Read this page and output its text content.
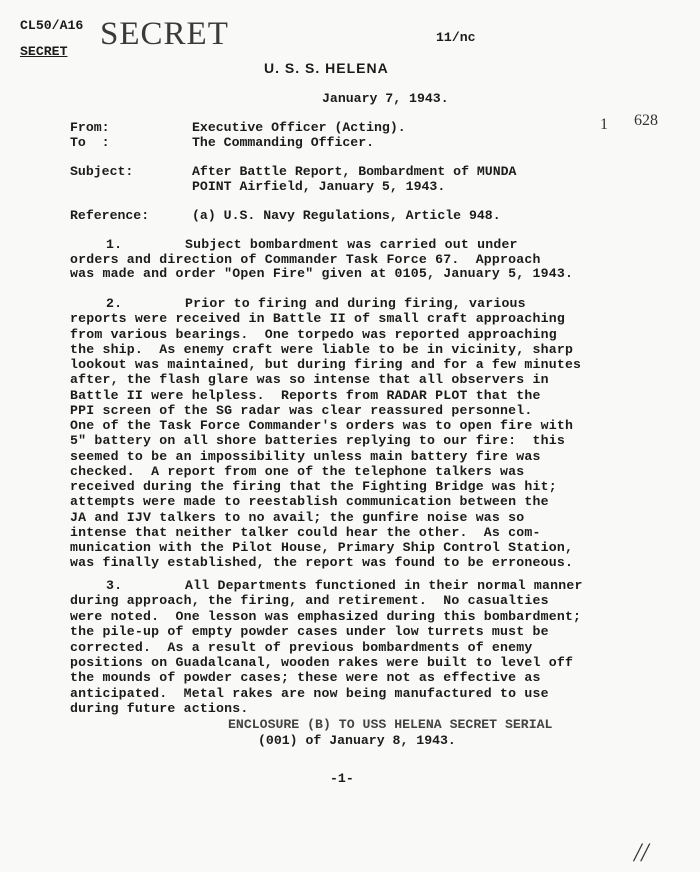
CL50/A16
SECRET SECRET	11/nc
U. S. S. HELENA
January 7, 1943.
1 628
From:	Executive Officer (Acting).
To  :	The Commanding Officer.
Subject:	After Battle Report, Bombardment of MUNDA
POINT Airfield, January 5, 1943.
Reference:	(a) U.S. Navy Regulations, Article 948.
1.	Subject bombardment was carried out under
orders and direction of Commander Task Force 67.  Approach
was made and order "Open Fire" given at 0105, January 5, 1943.
2.	Prior to firing and during firing, various
reports were received in Battle II of small craft approaching
from various bearings.  One torpedo was reported approaching
the ship.  As enemy craft were liable to be in vicinity, sharp
lookout was maintained, but during firing and for a few minutes
after, the flash glare was so intense that all observers in
Battle II were helpless.  Reports from RADAR PLOT that the
PPI screen of the SG radar was clear reassured personnel.
One of the Task Force Commander's orders was to open fire with
5" battery on all shore batteries replying to our fire:  this
seemed to be an impossibility unless main battery fire was
checked.  A report from one of the telephone talkers was
received during the firing that the Fighting Bridge was hit;
attempts were made to reestablish communication between the
JA and IJV talkers to no avail; the gunfire noise was so
intense that neither talker could hear the other.  As com-
munication with the Pilot House, Primary Ship Control Station,
was finally established, the report was found to be erroneous.
3.	All Departments functioned in their normal manner
during approach, the firing, and retirement.  No casualties
were noted.  One lesson was emphasized during this bombardment;
the pile-up of empty powder cases under low turrets must be
corrected.  As a result of previous bombardments of enemy
positions on Guadalcanal, wooden rakes were built to level off
the mounds of powder cases; these were not as effective as
anticipated.  Metal rakes are now being manufactured to use
during future actions.
ENCLOSURE (B) TO USS HELENA SECRET SERIAL
(001) of January 8, 1943.
-1-
//
